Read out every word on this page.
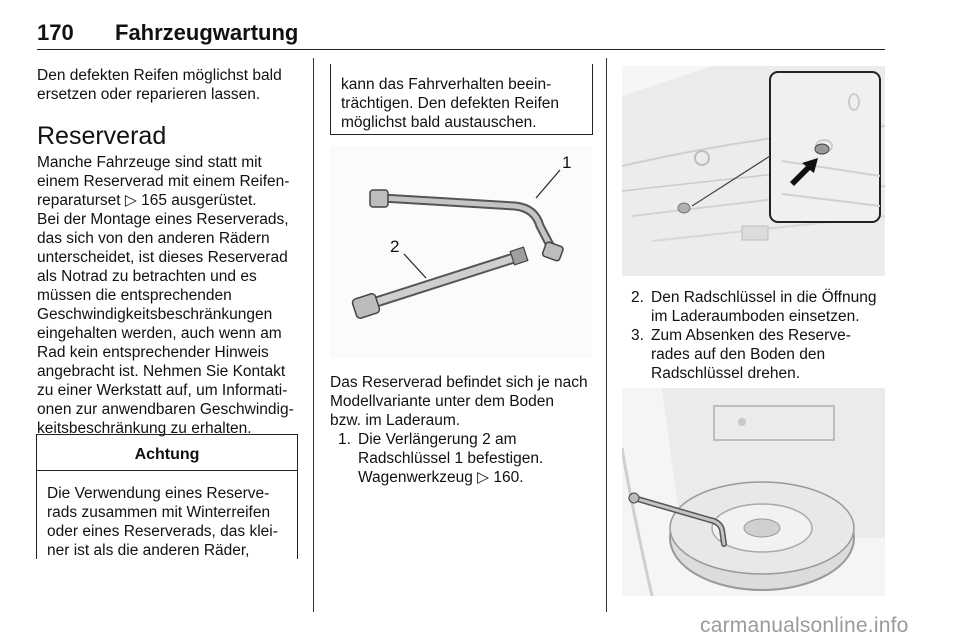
170 Fahrzeugwartung
Den defekten Reifen möglichst bald
ersetzen oder reparieren lassen.
Reserverad
Manche Fahrzeuge sind statt mit
einem Reserverad mit einem Reifen-
reparaturset ▷ 165 ausgerüstet.
Bei der Montage eines Reserverads,
das sich von den anderen Rädern
unterscheidet, ist dieses Reserverad
als Notrad zu betrachten und es
müssen die entsprechenden
Geschwindigkeitsbeschränkungen
eingehalten werden, auch wenn am
Rad kein entsprechender Hinweis
angebracht ist. Nehmen Sie Kontakt
zu einer Werkstatt auf, um Informati-
onen zur anwendbaren Geschwindig-
keitsbeschränkung zu erhalten.
Achtung
Die Verwendung eines Reserve-
rads zusammen mit Winterreifen
oder eines Reserverads, das klei-
ner ist als die anderen Räder,
kann das Fahrverhalten beein-
trächtigen. Den defekten Reifen
möglichst bald austauschen.
1
2
Das Reserverad befindet sich je nach
Modellvariante unter dem Boden
bzw. im Laderaum.
1. Die Verlängerung 2 am
Radschlüssel 1 befestigen.
Wagenwerkzeug ▷ 160.
2. Den Radschlüssel in die Öffnung
im Laderaumboden einsetzen.
3. Zum Absenken des Reserve-
rades auf den Boden den
Radschlüssel drehen.
carmanualsonline.info
